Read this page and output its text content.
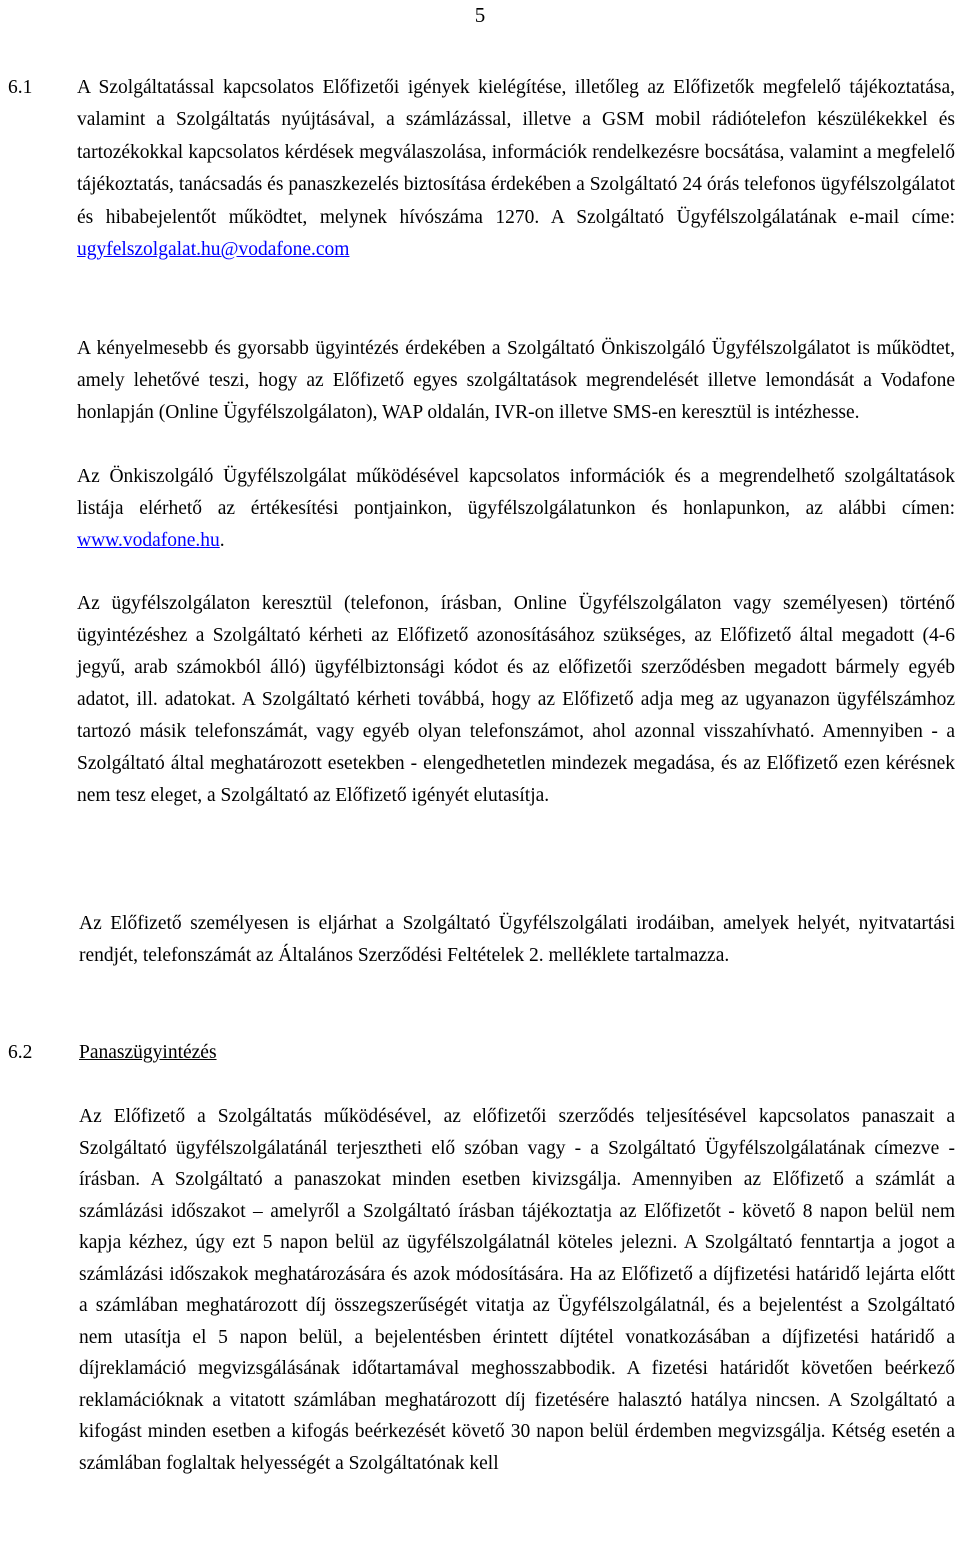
5
6.1 A Szolgáltatással kapcsolatos Előfizetői igények kielégítése, illetőleg az Előfizetők megfelelő tájékoztatása, valamint a Szolgáltatás nyújtásával, a számlázással, illetve a GSM mobil rádiótelefon készülékekkel és tartozékokkal kapcsolatos kérdések megválaszolása, információk rendelkezésre bocsátása, valamint a megfelelő tájékoztatás, tanácsadás és panaszkezelés biztosítása érdekében a Szolgáltató 24 órás telefonos ügyfélszolgálatot és hibabejelentőt működtet, melynek hívószáma 1270. A Szolgáltató Ügyfélszolgálatának e-mail címe: ugyfelszolgalat.hu@vodafone.com
A kényelmesebb és gyorsabb ügyintézés érdekében a Szolgáltató Önkiszolgáló Ügyfélszolgálatot is működtet, amely lehetővé teszi, hogy az Előfizető egyes szolgáltatások megrendelését illetve lemondását a Vodafone honlapján (Online Ügyfélszolgálaton), WAP oldalán, IVR-on illetve SMS-en keresztül is intézhesse.
Az Önkiszolgáló Ügyfélszolgálat működésével kapcsolatos információk és a megrendelhető szolgáltatások listája elérhető az értékesítési pontjainkon, ügyfélszolgálatunkon és honlapunkon, az alábbi címen: www.vodafone.hu.
Az ügyfélszolgálaton keresztül (telefonon, írásban, Online Ügyfélszolgálaton vagy személyesen) történő ügyintézéshez a Szolgáltató kérheti az Előfizető azonosításához szükséges, az Előfizető által megadott (4-6 jegyű, arab számokból álló) ügyfélbiztonsági kódot és az előfizetői szerződésben megadott bármely egyéb adatot, ill. adatokat. A Szolgáltató kérheti továbbá, hogy az Előfizető adja meg az ugyanazon ügyfélszámhoz tartozó másik telefonszámát, vagy egyéb olyan telefonszámot, ahol azonnal visszahívható. Amennyiben - a Szolgáltató által meghatározott esetekben - elengedhetetlen mindezek megadása, és az Előfizető ezen kérésnek nem tesz eleget, a Szolgáltató az Előfizető igényét elutasítja.
Az Előfizető személyesen is eljárhat a Szolgáltató Ügyfélszolgálati irodáiban, amelyek helyét, nyitvatartási rendjét, telefonszámát az Általános Szerződési Feltételek 2. melléklete tartalmazza.
6.2 Panaszügyintézés
Az Előfizető a Szolgáltatás működésével, az előfizetői szerződés teljesítésével kapcsolatos panaszait a Szolgáltató ügyfélszolgálatánál terjesztheti elő szóban vagy - a Szolgáltató Ügyfélszolgálatának címezve - írásban. A Szolgáltató a panaszokat minden esetben kivizsgálja. Amennyiben az Előfizető a számlát a számlázási időszakot – amelyről a Szolgáltató írásban tájékoztatja az Előfizetőt - követő 8 napon belül nem kapja kézhez, úgy ezt 5 napon belül az ügyfélszolgálatnál köteles jelezni. A Szolgáltató fenntartja a jogot a számlázási időszakok meghatározására és azok módosítására. Ha az Előfizető a díjfizetési határidő lejárta előtt a számlában meghatározott díj összegszerűségét vitatja az Ügyfélszolgálatnál, és a bejelentést a Szolgáltató nem utasítja el 5 napon belül, a bejelentésben érintett díjtétel vonatkozásában a díjfizetési határidő a díjreklamáció megvizsgálásának időtartamával meghosszabbodik. A fizetési határidőt követően beérkező reklamációknak a vitatott számlában meghatározott díj fizetésére halasztó hatálya nincsen. A Szolgáltató a kifogást minden esetben a kifogás beérkezését követő 30 napon belül érdemben megvizsgálja. Kétség esetén a számlában foglaltak helyességét a Szolgáltatónak kell
